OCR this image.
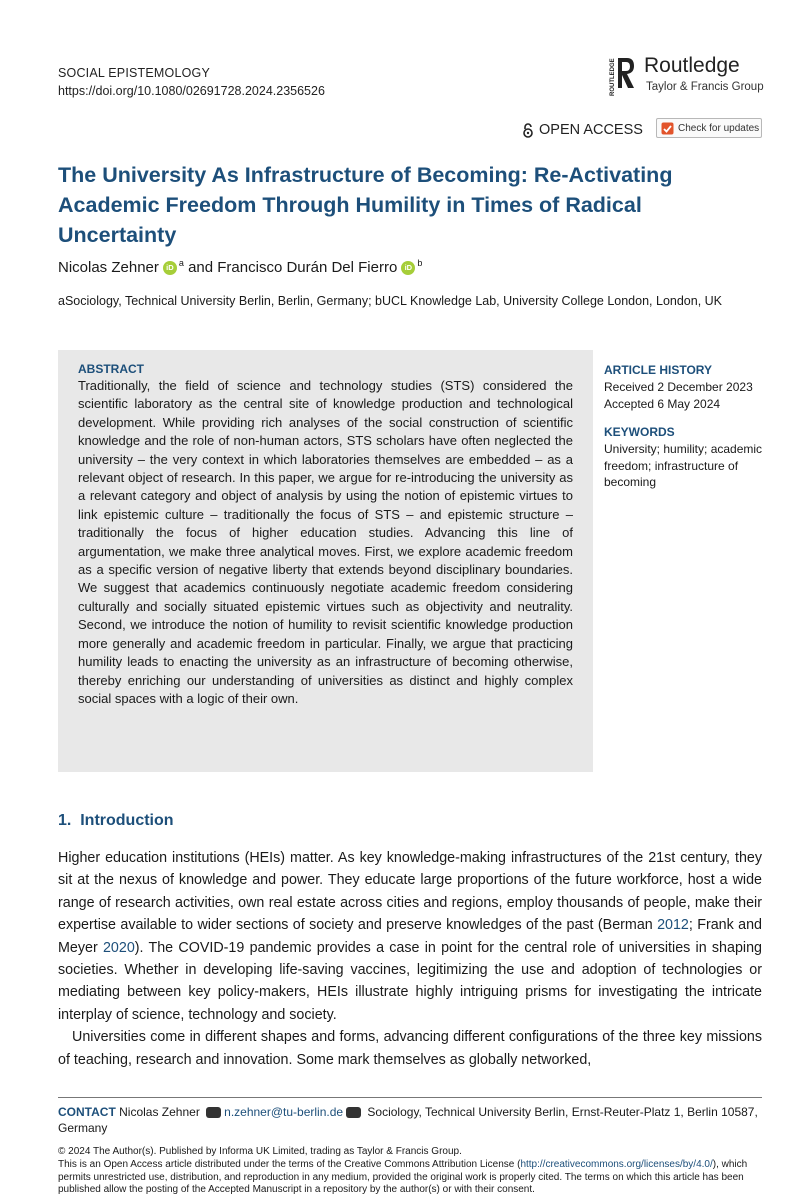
SOCIAL EPISTEMOLOGY
https://doi.org/10.1080/02691728.2024.2356526	ROUTLEDGE Routledge
Taylor & Francis Group
OPEN ACCESS	Check for updates
The University As Infrastructure of Becoming: Re-Activating Academic Freedom Through Humility in Times of Radical Uncertainty
Nicolas Zehner iD a and Francisco Durán Del Fierro iD b
aSociology, Technical University Berlin, Berlin, Germany; bUCL Knowledge Lab, University College London, London, UK
ABSTRACT
Traditionally, the field of science and technology studies (STS) considered the scientific laboratory as the central site of knowledge production and technological development. While providing rich analyses of the social construction of scientific knowledge and the role of non-human actors, STS scholars have often neglected the university – the very context in which laboratories themselves are embedded – as a relevant object of research. In this paper, we argue for re-introducing the university as a relevant category and object of analysis by using the notion of epistemic virtues to link epistemic culture – traditionally the focus of STS – and epistemic structure – traditionally the focus of higher education studies. Advancing this line of argumentation, we make three analytical moves. First, we explore academic freedom as a specific version of negative liberty that extends beyond disciplinary boundaries. We suggest that academics continuously negotiate academic freedom considering culturally and socially situated epistemic virtues such as objectivity and neutrality. Second, we introduce the notion of humility to revisit scientific knowledge production more generally and academic freedom in particular. Finally, we argue that practicing humility leads to enacting the university as an infrastructure of becoming otherwise, thereby enriching our understanding of universities as distinct and highly complex social spaces with a logic of their own.
ARTICLE HISTORY
Received 2 December 2023
Accepted 6 May 2024
KEYWORDS
University; humility; academic freedom; infrastructure of becoming
1.  Introduction

Higher education institutions (HEIs) matter. As key knowledge-making infrastructures of the 21st century, they sit at the nexus of knowledge and power. They educate large proportions of the future workforce, host a wide range of research activities, own real estate across cities and regions, employ thousands of people, make their expertise available to wider sections of society and preserve knowledges of the past (Berman 2012; Frank and Meyer 2020). The COVID-19 pandemic provides a case in point for the central role of universities in shaping societies. Whether in developing life-saving vaccines, legitimizing the use and adoption of technologies or mediating between key policy-makers, HEIs illustrate highly intriguing prisms for investigating the intricate interplay of science, technology and society.

Universities come in different shapes and forms, advancing different configurations of the three key missions of teaching, research and innovation. Some mark themselves as globally networked,

CONTACT Nicolas Zehner n.zehner@tu-berlin.de Sociology, Technical University Berlin, Ernst-Reuter-Platz 1, Berlin 10587, Germany
© 2024 The Author(s). Published by Informa UK Limited, trading as Taylor & Francis Group.
This is an Open Access article distributed under the terms of the Creative Commons Attribution License (http://creativecommons.org/licenses/by/4.0/), which permits unrestricted use, distribution, and reproduction in any medium, provided the original work is properly cited. The terms on which this article has been published allow the posting of the Accepted Manuscript in a repository by the author(s) or with their consent.
